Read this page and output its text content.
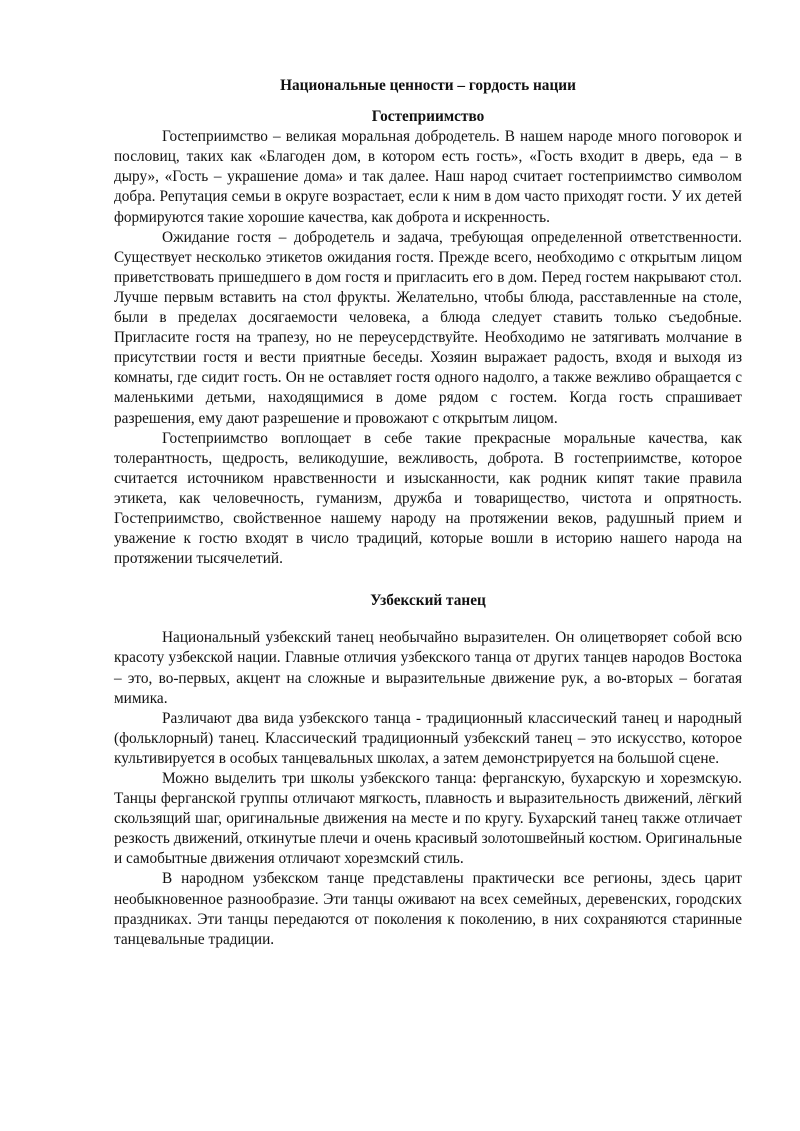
Национальные ценности – гордость нации

Гостеприимство

Гостеприимство – великая моральная добродетель. В нашем народе много поговорок и пословиц, таких как «Благоден дом, в котором есть гость», «Гость входит в дверь, еда – в дыру», «Гость – украшение дома» и так далее. Наш народ считает гостеприимство символом добра. Репутация семьи в округе возрастает, если к ним в дом часто приходят гости. У их детей формируются такие хорошие качества, как доброта и искренность.

Ожидание гостя – добродетель и задача, требующая определенной ответственности. Существует несколько этикетов ожидания гостя. Прежде всего, необходимо с открытым лицом приветствовать пришедшего в дом гостя и пригласить его в дом. Перед гостем накрывают стол. Лучше первым вставить на стол фрукты. Желательно, чтобы блюда, расставленные на столе, были в пределах досягаемости человека, а блюда следует ставить только съедобные. Пригласите гостя на трапезу, но не переусердствуйте. Необходимо не затягивать молчание в присутствии гостя и вести приятные беседы. Хозяин выражает радость, входя и выходя из комнаты, где сидит гость. Он не оставляет гостя одного надолго, а также вежливо обращается с маленькими детьми, находящимися в доме рядом с гостем. Когда гость спрашивает разрешения, ему дают разрешение и провожают с открытым лицом.

Гостеприимство воплощает в себе такие прекрасные моральные качества, как толерантность, щедрость, великодушие, вежливость, доброта. В гостеприимстве, которое считается источником нравственности и изысканности, как родник кипят такие правила этикета, как человечность, гуманизм, дружба и товарищество, чистота и опрятность. Гостеприимство, свойственное нашему народу на протяжении веков, радушный прием и уважение к гостю входят в число традиций, которые вошли в историю нашего народа на протяжении тысячелетий.

Узбекский танец

Национальный узбекский танец необычайно выразителен. Он олицетворяет собой всю красоту узбекской нации. Главные отличия узбекского танца от других танцев народов Востока – это, во-первых, акцент на сложные и выразительные движение рук, а во-вторых – богатая мимика.

Различают два вида узбекского танца - традиционный классический танец и народный (фольклорный) танец. Классический традиционный узбекский танец – это искусство, которое культивируется в особых танцевальных школах, а затем демонстрируется на большой сцене.

Можно выделить три школы узбекского танца: ферганскую, бухарскую и хорезмскую. Танцы ферганской группы отличают мягкость, плавность и выразительность движений, лёгкий скользящий шаг, оригинальные движения на месте и по кругу. Бухарский танец также отличает резкость движений, откинутые плечи и очень красивый золотошвейный костюм. Оригинальные и самобытные движения отличают хорезмский стиль.

В народном узбекском танце представлены практически все регионы, здесь царит необыкновенное разнообразие. Эти танцы оживают на всех семейных, деревенских, городских праздниках. Эти танцы передаются от поколения к поколению, в них сохраняются старинные танцевальные традиции.
